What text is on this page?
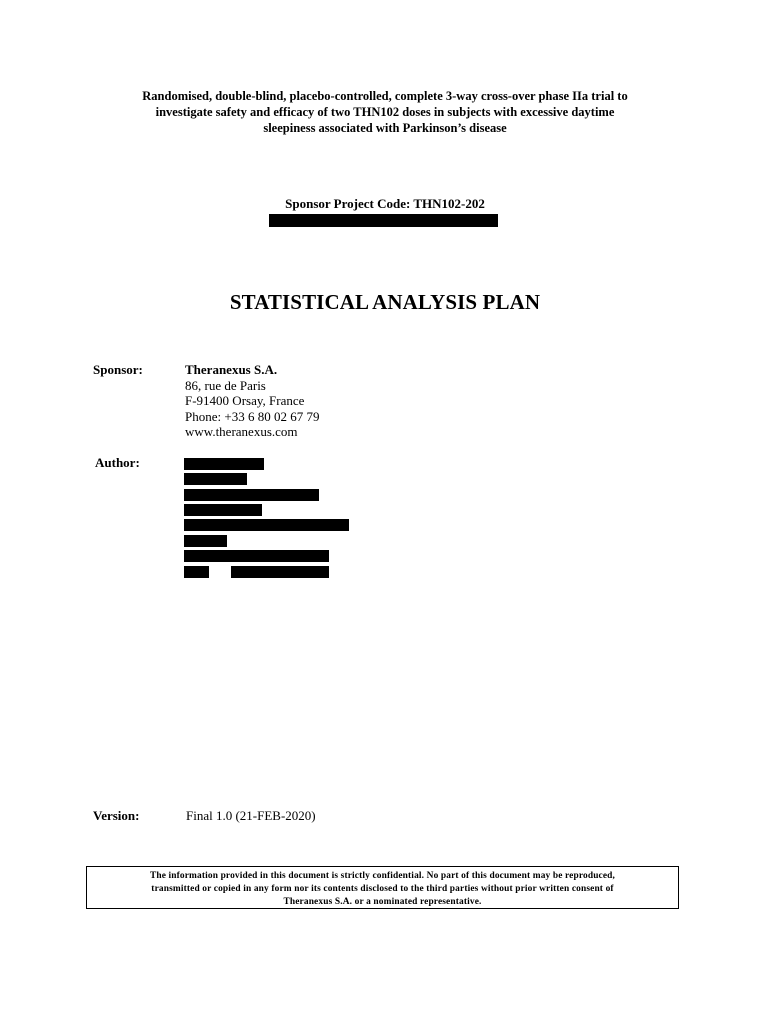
Randomised, double-blind, placebo-controlled, complete 3-way cross-over phase IIa trial to
investigate safety and efficacy of two THN102 doses in subjects with excessive daytime
sleepiness associated with Parkinson’s disease
Sponsor Project Code: THN102-202
STATISTICAL ANALYSIS PLAN
Sponsor:	Theranexus S.A.
86, rue de Paris
F-91400 Orsay, France
Phone: +33 6 80 02 67 79
www.theranexus.com
Author:
Version:	Final 1.0 (21-FEB-2020)
The information provided in this document is strictly confidential. No part of this document may be reproduced,
transmitted or copied in any form nor its contents disclosed to the third parties without prior written consent of
Theranexus S.A. or a nominated representative.
